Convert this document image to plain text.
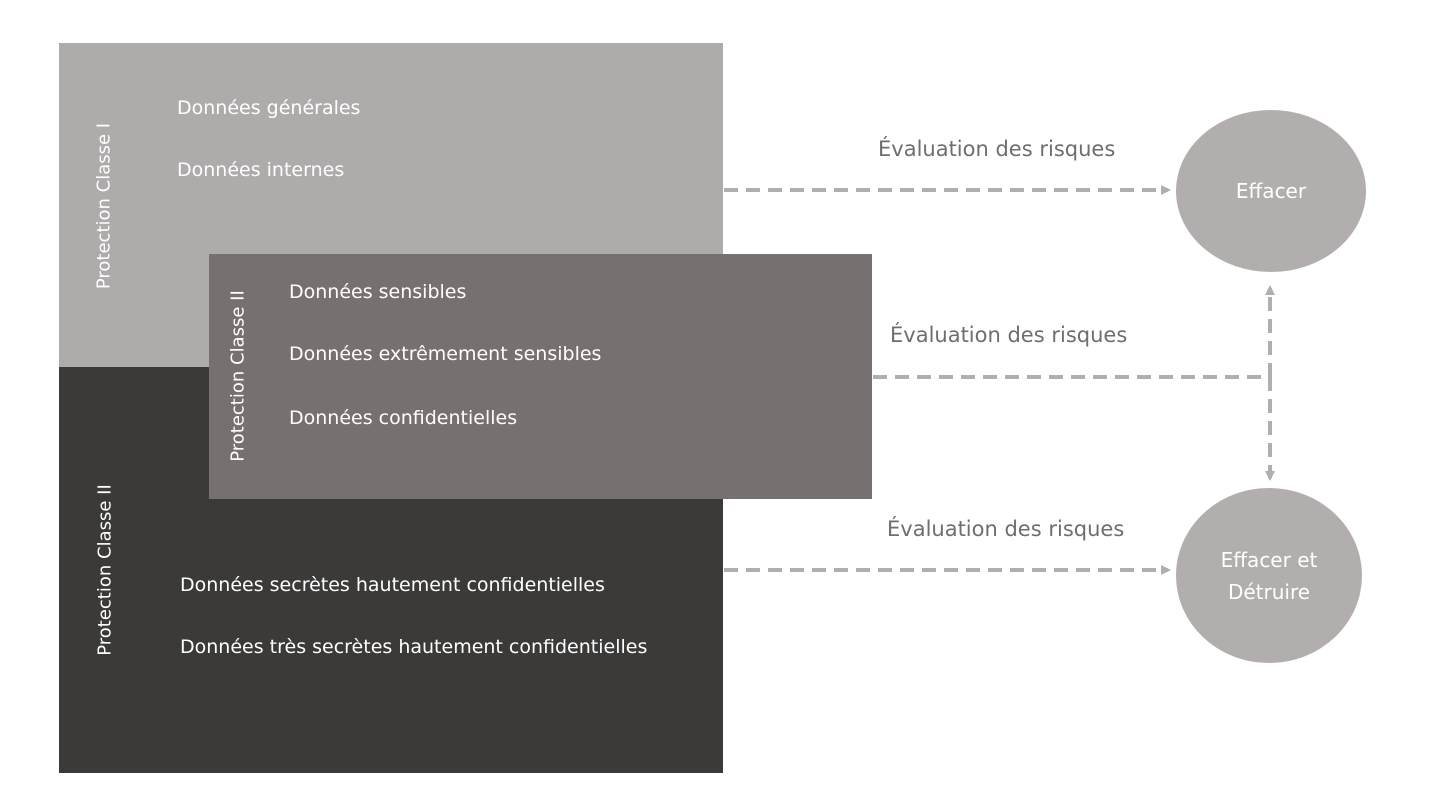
Protection Classe I
Protection Classe II
Protection Classe II
Données générales
Données internes
Données sensibles
Données extrêmement sensibles
Données confidentielles
Données secrètes hautement confidentielles
Données très secrètes hautement confidentielles
Évaluation des risques
Évaluation des risques
Évaluation des risques
Effacer
Effacer et
Détruire
